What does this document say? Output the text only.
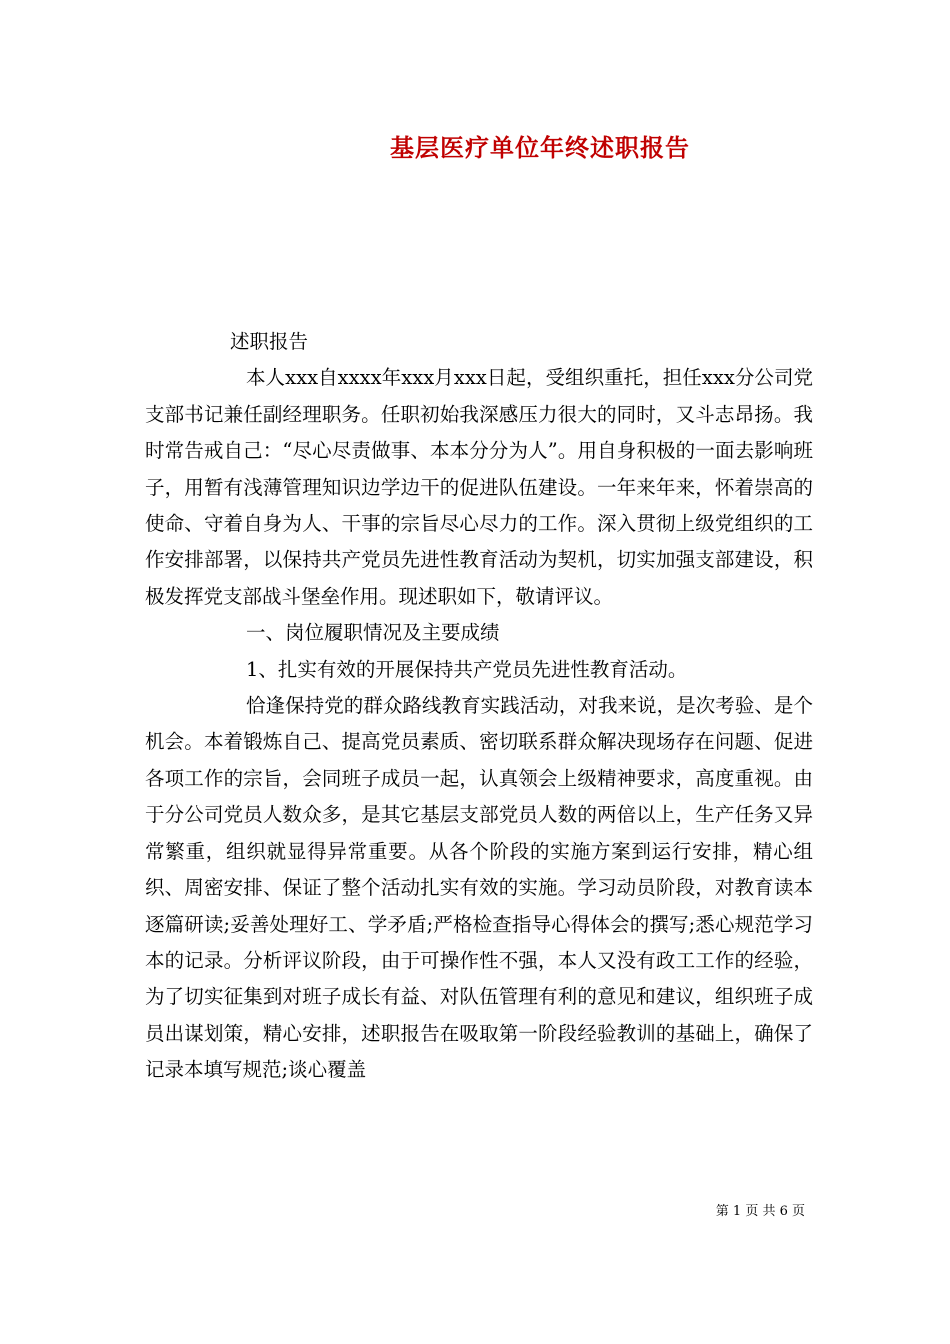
基层医疗单位年终述职报告

述职报告

本人xxx自xxxx年xxx月xxx日起，受组织重托，担任xxx分公司党支部书记兼任副经理职务。任职初始我深感压力很大的同时，又斗志昂扬。我时常告戒自己：“尽心尽责做事、本本分分为人”。用自身积极的一面去影响班子，用暂有浅薄管理知识边学边干的促进队伍建设。一年来年来，怀着崇高的使命、守着自身为人、干事的宗旨尽心尽力的工作。深入贯彻上级党组织的工作安排部署，以保持共产党员先进性教育活动为契机，切实加强支部建设，积极发挥党支部战斗堡垒作用。现述职如下，敬请评议。

一、岗位履职情况及主要成绩

1、扎实有效的开展保持共产党员先进性教育活动。

恰逢保持党的群众路线教育实践活动，对我来说，是次考验、是个机会。本着锻炼自己、提高党员素质、密切联系群众解决现场存在问题、促进各项工作的宗旨，会同班子成员一起，认真领会上级精神要求，高度重视。由于分公司党员人数众多，是其它基层支部党员人数的两倍以上，生产任务又异常繁重，组织就显得异常重要。从各个阶段的实施方案到运行安排，精心组织、周密安排、保证了整个活动扎实有效的实施。学习动员阶段，对教育读本逐篇研读;妥善处理好工、学矛盾;严格检查指导心得体会的撰写;悉心规范学习本的记录。分析评议阶段，由于可操作性不强，本人又没有政工工作的经验，为了切实征集到对班子成长有益、对队伍管理有利的意见和建议，组织班子成员出谋划策，精心安排，述职报告在吸取第一阶段经验教训的基础上，确保了记录本填写规范;谈心覆盖

第 1 页 共 6 页
